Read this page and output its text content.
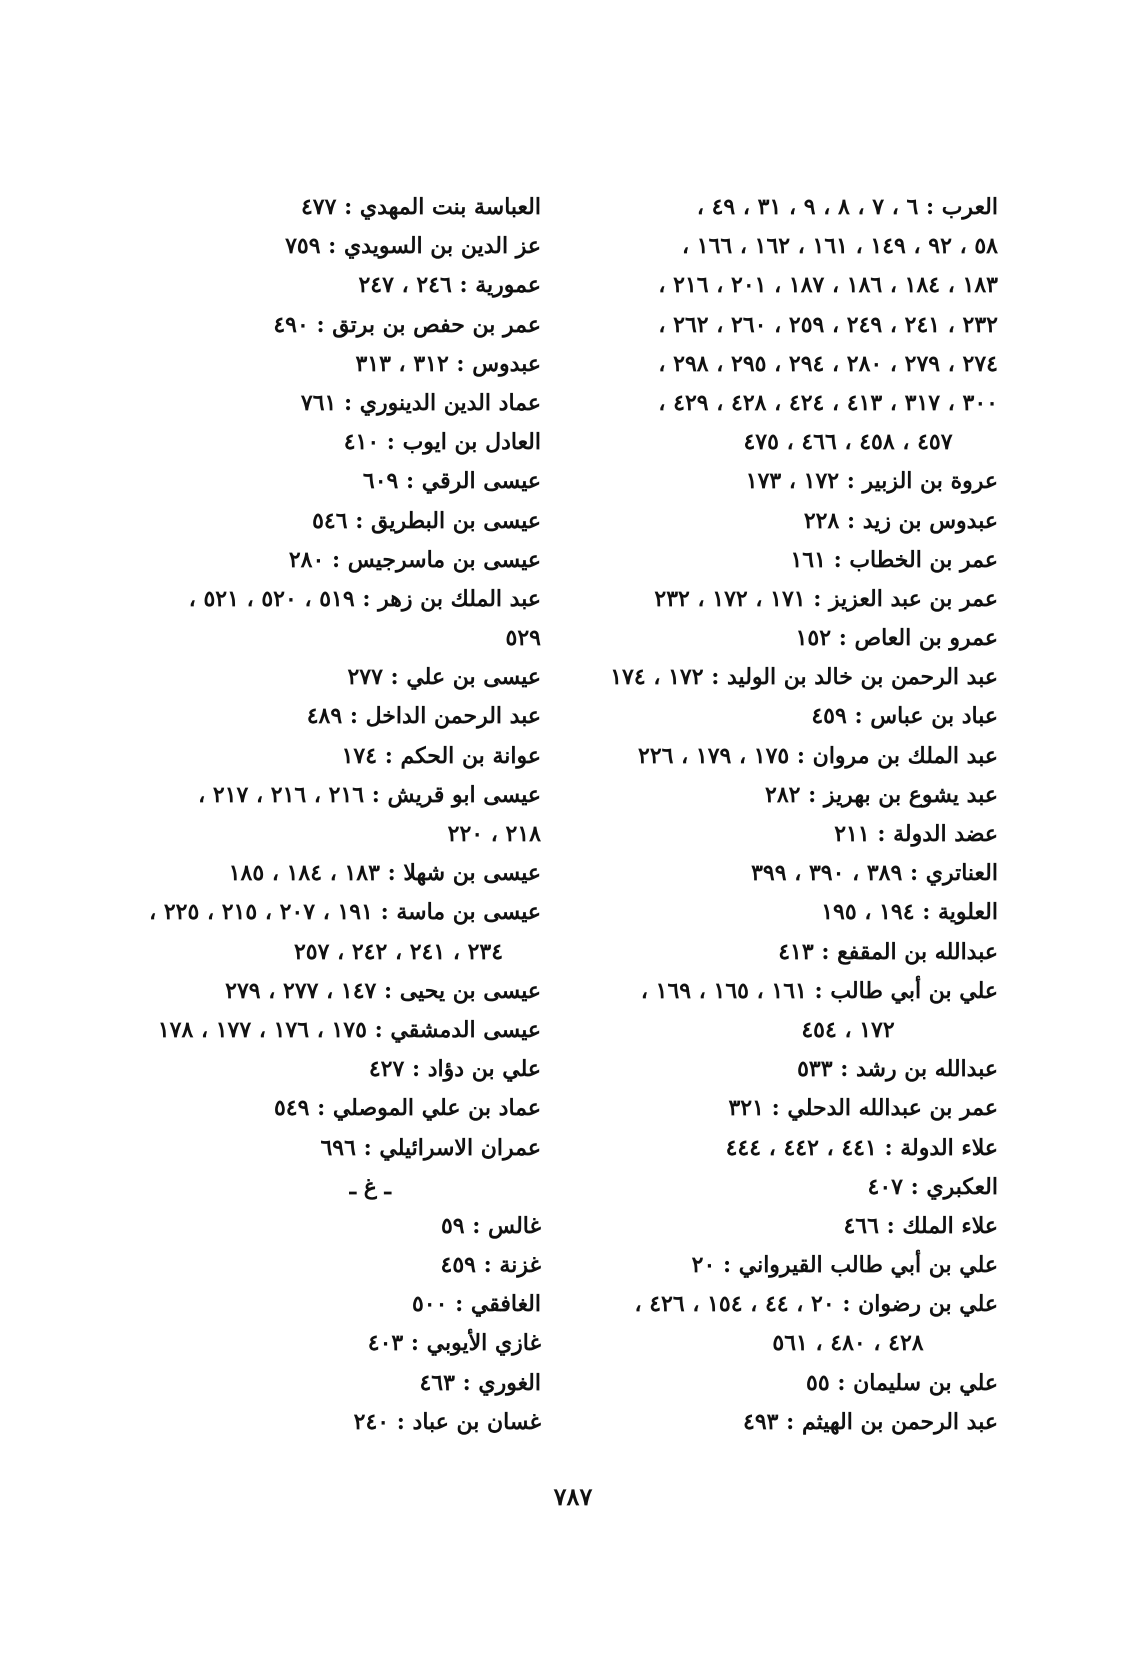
العرب : ٦ ، ٧ ، ٨ ، ٩ ، ٣١ ، ٤٩ ،
٥٨ ، ٩٢ ، ١٤٩ ، ١٦١ ، ١٦٢ ، ١٦٦ ،
١٨٣ ، ١٨٤ ، ١٨٦ ، ١٨٧ ، ٢٠١ ، ٢١٦ ،
٢٣٢ ، ٢٤١ ، ٢٤٩ ، ٢٥٩ ، ٢٦٠ ، ٢٦٢ ،
٢٧٤ ، ٢٧٩ ، ٢٨٠ ، ٢٩٤ ، ٢٩٥ ، ٢٩٨ ،
٣٠٠ ، ٣١٧ ، ٤١٣ ، ٤٢٤ ، ٤٢٨ ، ٤٢٩ ،
٤٥٧ ، ٤٥٨ ، ٤٦٦ ، ٤٧٥
عروة بن الزبير : ١٧٢ ، ١٧٣
عبدوس بن زيد : ٢٢٨
عمر بن الخطاب : ١٦١
عمر بن عبد العزيز : ١٧١ ، ١٧٢ ، ٢٣٢
عمرو بن العاص : ١٥٢
عبد الرحمن بن خالد بن الوليد : ١٧٢ ، ١٧٤
عباد بن عباس : ٤٥٩
عبد الملك بن مروان : ١٧٥ ، ١٧٩ ، ٢٢٦
عبد يشوع بن بهريز : ٢٨٢
عضد الدولة : ٢١١
العناتري : ٣٨٩ ، ٣٩٠ ، ٣٩٩
العلوية : ١٩٤ ، ١٩٥
عبدالله بن المقفع : ٤١٣
علي بن أبي طالب : ١٦١ ، ١٦٥ ، ١٦٩ ،
١٧٢ ، ٤٥٤
عبدالله بن رشد : ٥٣٣
عمر بن عبدالله الدحلي : ٣٢١
علاء الدولة : ٤٤١ ، ٤٤٢ ، ٤٤٤
العكبري : ٤٠٧
علاء الملك : ٤٦٦
علي بن أبي طالب القيرواني : ٢٠
علي بن رضوان : ٢٠ ، ٤٤ ، ١٥٤ ، ٤٢٦ ،
٤٢٨ ، ٤٨٠ ، ٥٦١
علي بن سليمان : ٥٥
عبد الرحمن بن الهيثم : ٤٩٣
العباسة بنت المهدي : ٤٧٧
عز الدين بن السويدي : ٧٥٩
عمورية : ٢٤٦ ، ٢٤٧
عمر بن حفص بن برتق : ٤٩٠
عبدوس : ٣١٢ ، ٣١٣
عماد الدين الدينوري : ٧٦١
العادل بن ايوب : ٤١٠
عيسى الرقي : ٦٠٩
عيسى بن البطريق : ٥٤٦
عيسى بن ماسرجيس : ٢٨٠
عبد الملك بن زهر : ٥١٩ ، ٥٢٠ ، ٥٢١ ،
٥٢٩
عيسى بن علي : ٢٧٧
عبد الرحمن الداخل : ٤٨٩
عوانة بن الحكم : ١٧٤
عيسى ابو قريش : ٢١٦ ، ٢١٦ ، ٢١٧ ،
٢١٨ ، ٢٢٠
عيسى بن شهلا : ١٨٣ ، ١٨٤ ، ١٨٥
عيسى بن ماسة : ١٩١ ، ٢٠٧ ، ٢١٥ ، ٢٢٥ ،
٢٣٤ ، ٢٤١ ، ٢٤٢ ، ٢٥٧
عيسى بن يحيى : ١٤٧ ، ٢٧٧ ، ٢٧٩
عيسى الدمشقي : ١٧٥ ، ١٧٦ ، ١٧٧ ، ١٧٨
علي بن دؤاد : ٤٢٧
عماد بن علي الموصلي : ٥٤٩
عمران الاسرائيلي : ٦٩٦
ـ غ ـ
غالس : ٥٩
غزنة : ٤٥٩
الغافقي : ٥٠٠
غازي الأيوبي : ٤٠٣
الغوري : ٤٦٣
غسان بن عباد : ٢٤٠
٧٨٧
